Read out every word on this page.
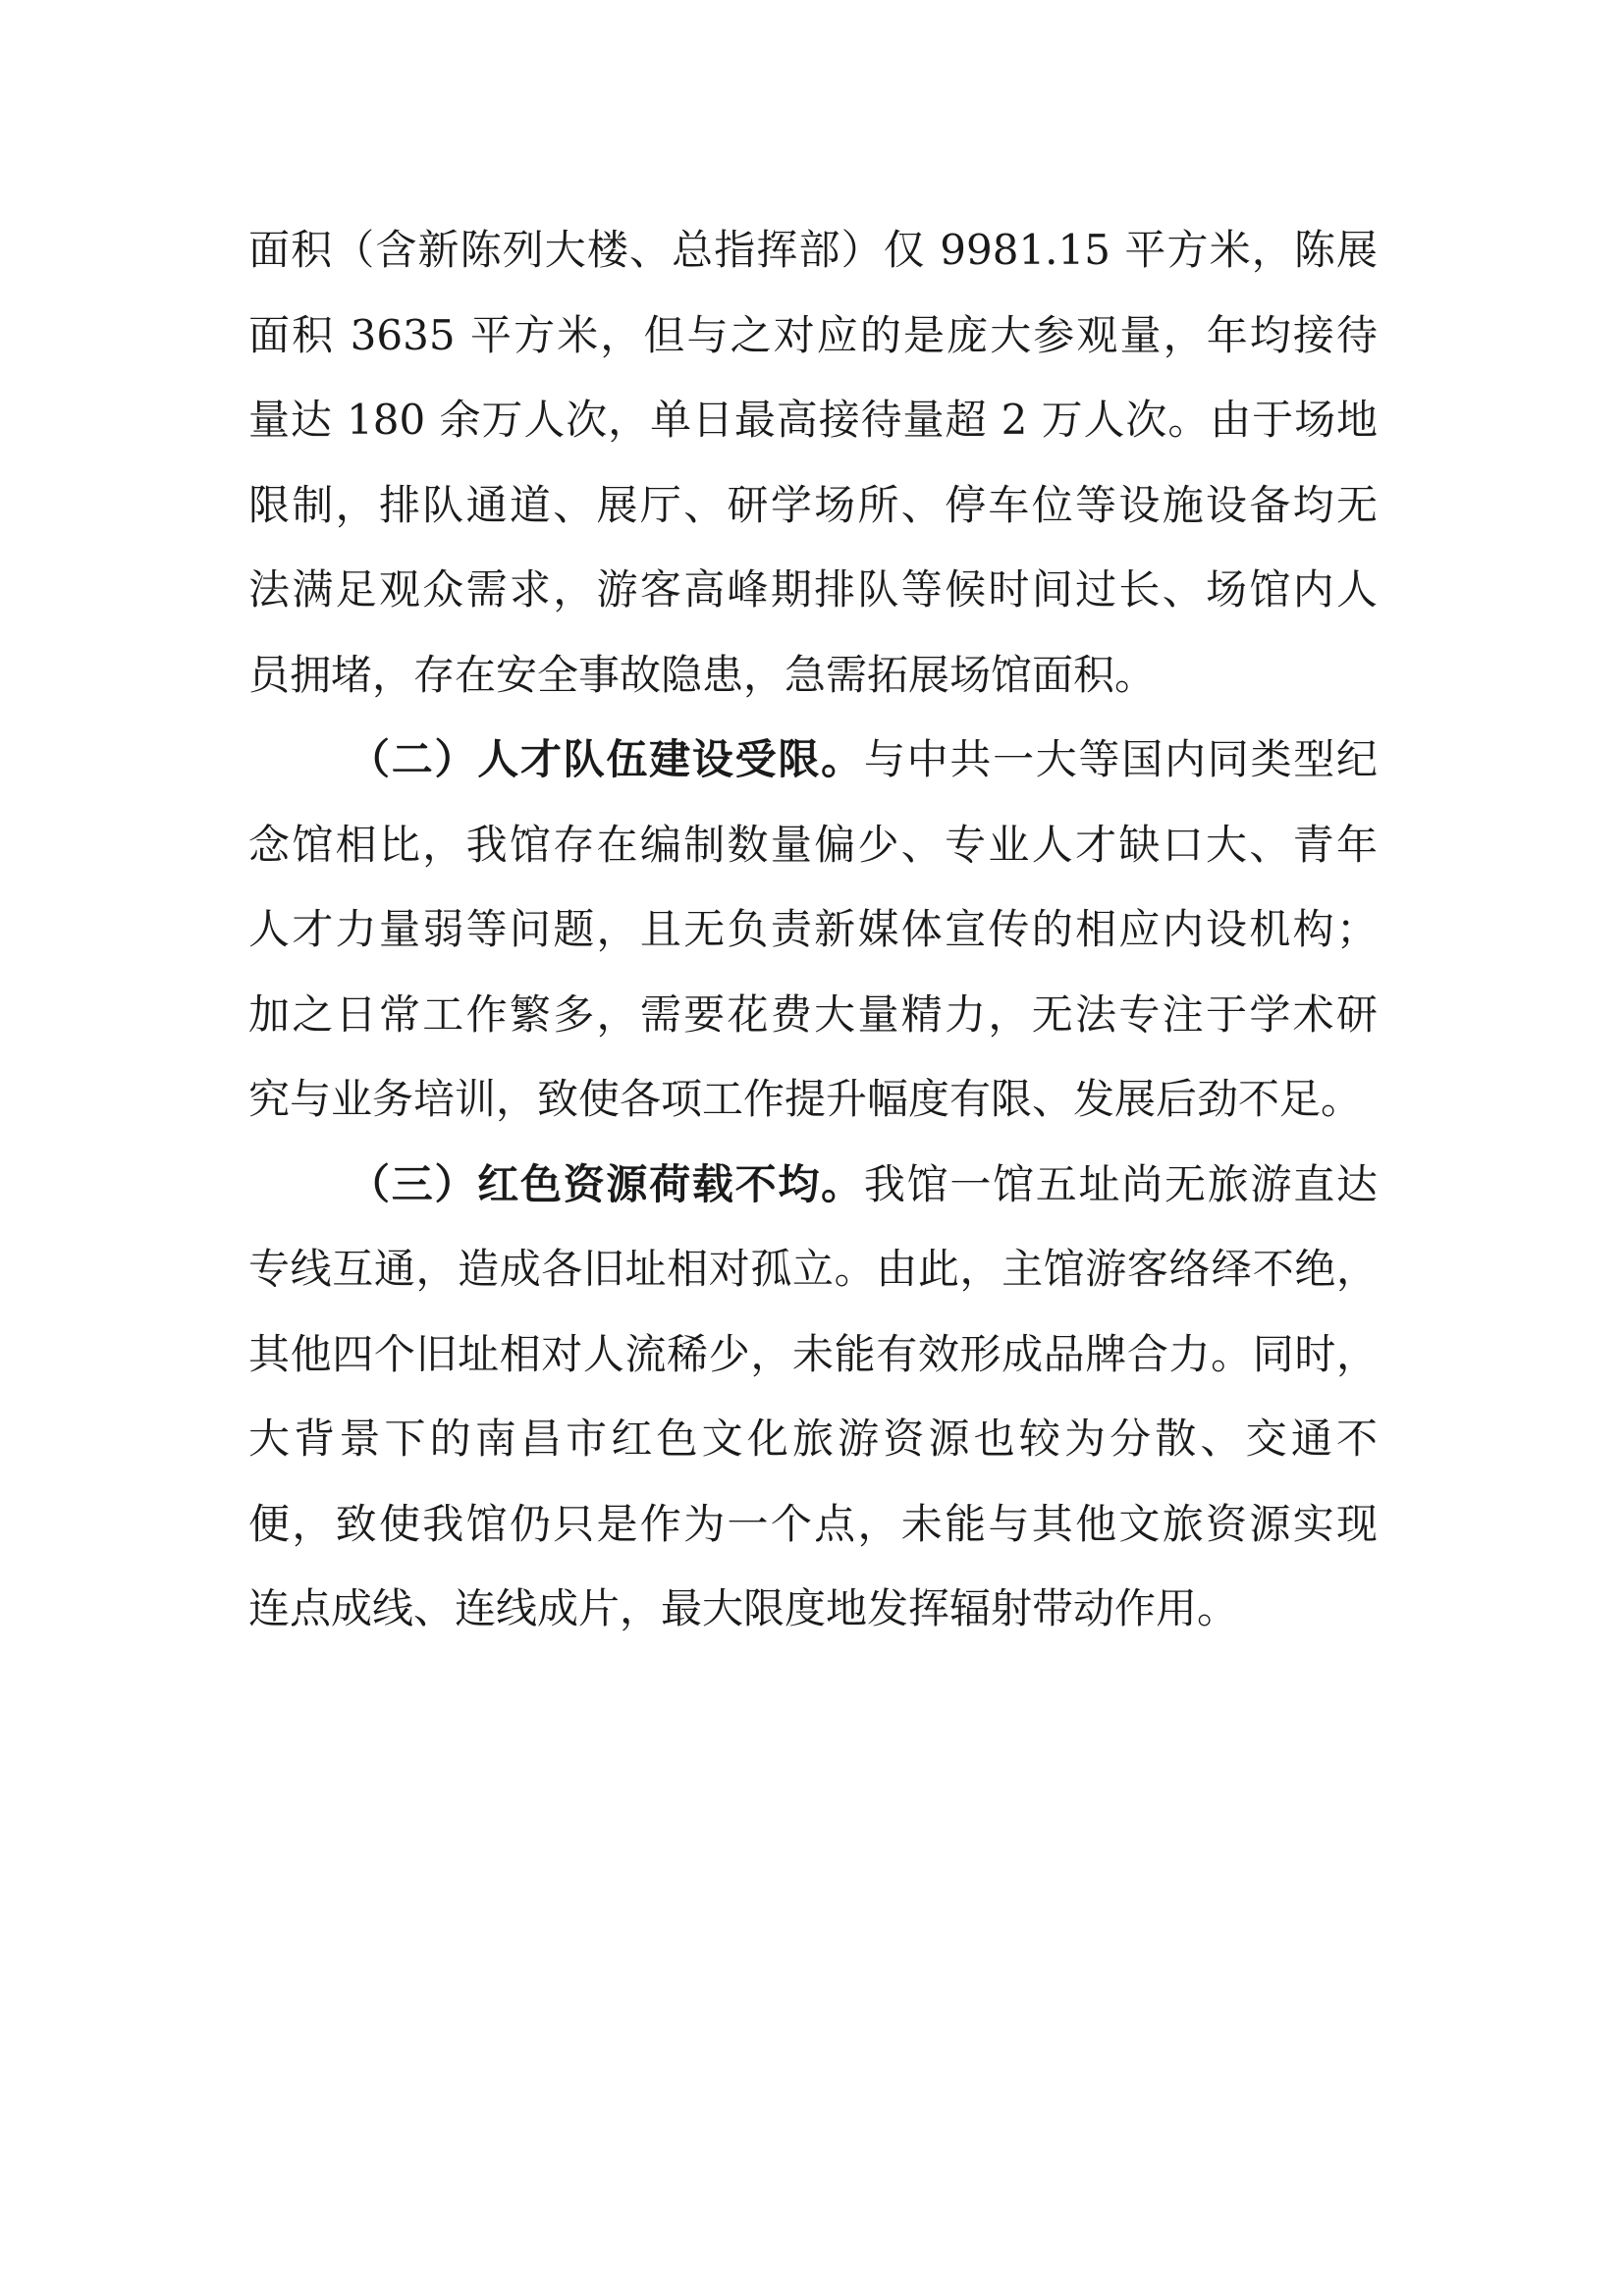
面积（含新陈列大楼、总指挥部）仅 9981.15 平方米，陈展
面积 3635 平方米，但与之对应的是庞大参观量，年均接待
量达 180 余万人次，单日最高接待量超 2 万人次。由于场地
限制，排队通道、展厅、研学场所、停车位等设施设备均无
法满足观众需求，游客高峰期排队等候时间过长、场馆内人
员拥堵，存在安全事故隐患，急需拓展场馆面积。
（二）人才队伍建设受限。与中共一大等国内同类型纪
念馆相比，我馆存在编制数量偏少、专业人才缺口大、青年
人才力量弱等问题，且无负责新媒体宣传的相应内设机构；
加之日常工作繁多，需要花费大量精力，无法专注于学术研
究与业务培训，致使各项工作提升幅度有限、发展后劲不足。
（三）红色资源荷载不均。我馆一馆五址尚无旅游直达
专线互通，造成各旧址相对孤立。由此，主馆游客络绎不绝，
其他四个旧址相对人流稀少，未能有效形成品牌合力。同时，
大背景下的南昌市红色文化旅游资源也较为分散、交通不
便，致使我馆仍只是作为一个点，未能与其他文旅资源实现
连点成线、连线成片，最大限度地发挥辐射带动作用。
